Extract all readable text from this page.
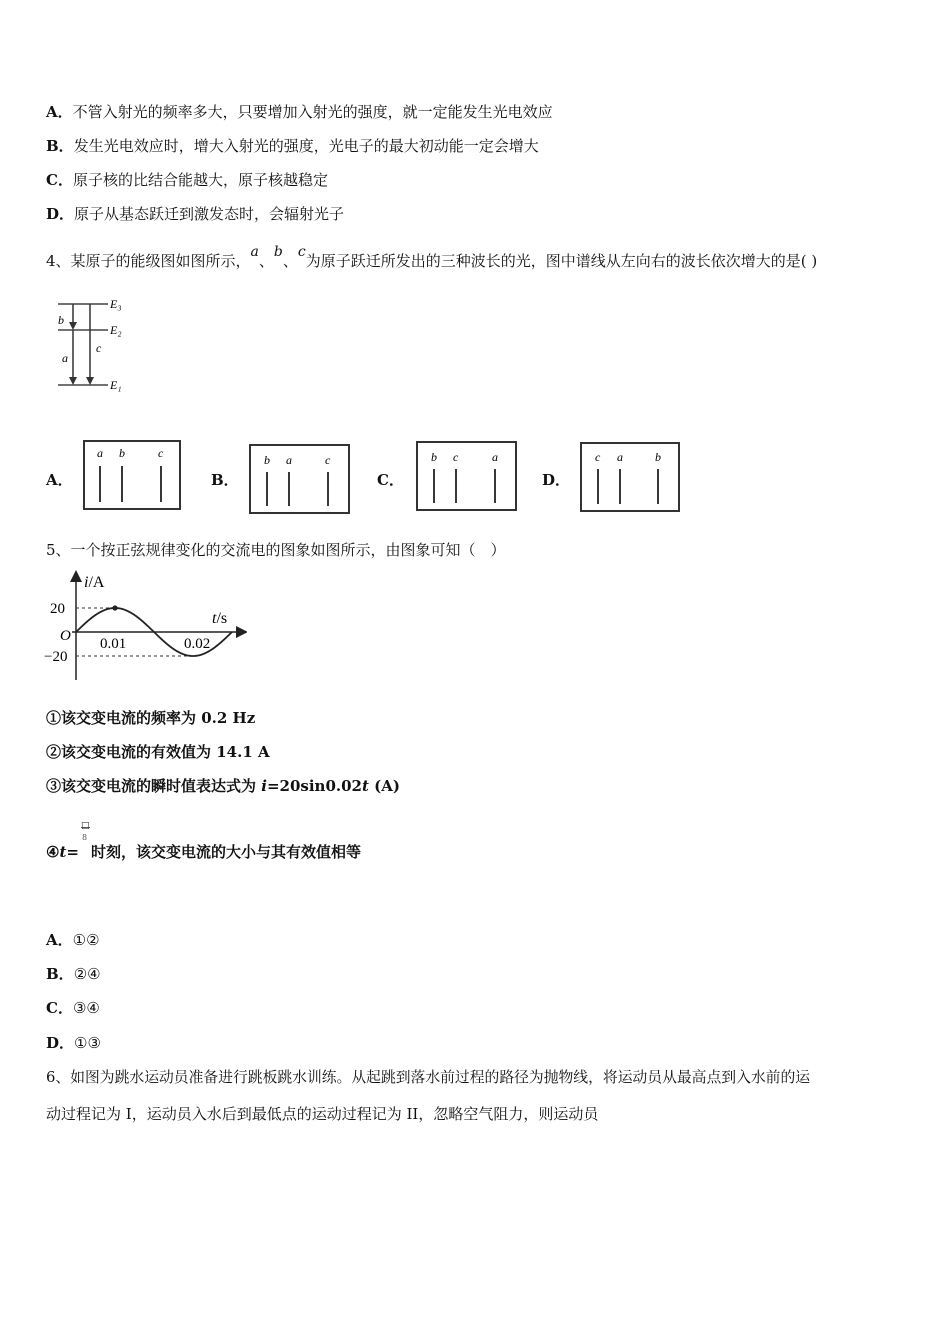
A．不管入射光的频率多大，只要增加入射光的强度，就一定能发生光电效应
B．发生光电效应时，增大入射光的强度，光电子的最大初动能一定会增大
C．原子核的比结合能越大，原子核越稳定
D．原子从基态跃迁到激发态时，会辐射光子
4、某原子的能级图如图所示，a、b、c为原子跃迁所发出的三种波长的光，图中谱线从左向右的波长依次增大的是( )
E₃
E₂
E₁
b
a
c
A．
a b	c
B．
b a	c
C．
b c	a
D．
c a	b
5、一个按正弦规律变化的交流电的图象如图所示，由图象可知（　）
i/A
t/s
O
20
−20
0.01	0.02
①该交变电流的频率为 0.2 Hz
②该交变电流的有效值为 14.1 A
③该交变电流的瞬时值表达式为 i=20sin0.02t (A)
④t=
□
8
时刻，该交变电流的大小与其有效值相等
A．①②
B．②④
C．③④
D．①③
6、如图为跳水运动员准备进行跳板跳水训练。从起跳到落水前过程的路径为抛物线，将运动员从最高点到入水前的运
动过程记为 I，运动员入水后到最低点的运动过程记为 II，忽略空气阻力，则运动员
